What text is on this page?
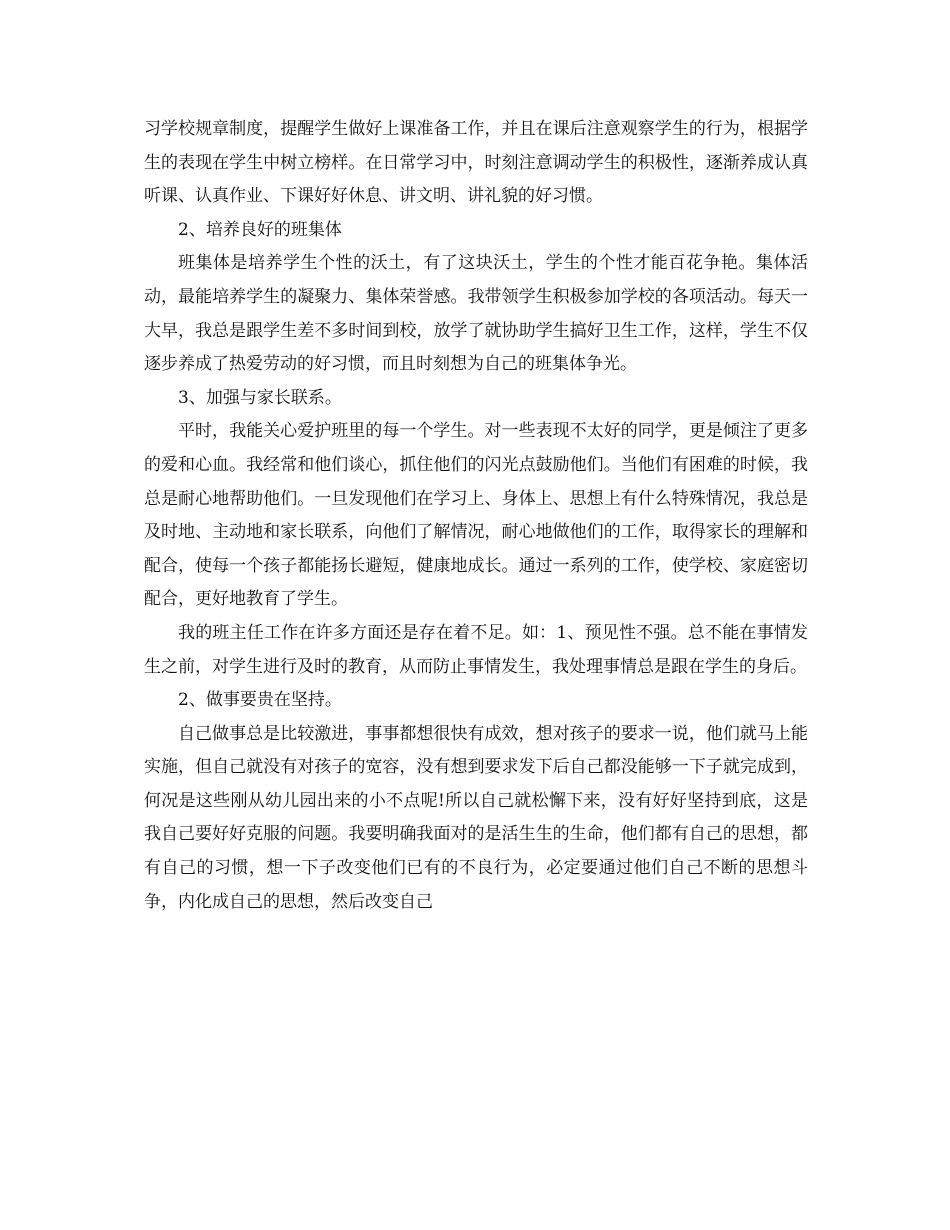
习学校规章制度，提醒学生做好上课准备工作，并且在课后注意观察学生的行为，根据学生的表现在学生中树立榜样。在日常学习中，时刻注意调动学生的积极性，逐渐养成认真听课、认真作业、下课好好休息、讲文明、讲礼貌的好习惯。

2、培养良好的班集体

班集体是培养学生个性的沃土，有了这块沃土，学生的个性才能百花争艳。集体活动，最能培养学生的凝聚力、集体荣誉感。我带领学生积极参加学校的各项活动。每天一大早，我总是跟学生差不多时间到校，放学了就协助学生搞好卫生工作，这样，学生不仅逐步养成了热爱劳动的好习惯，而且时刻想为自己的班集体争光。

3、加强与家长联系。

平时，我能关心爱护班里的每一个学生。对一些表现不太好的同学，更是倾注了更多的爱和心血。我经常和他们谈心，抓住他们的闪光点鼓励他们。当他们有困难的时候，我总是耐心地帮助他们。一旦发现他们在学习上、身体上、思想上有什么特殊情况，我总是及时地、主动地和家长联系，向他们了解情况，耐心地做他们的工作，取得家长的理解和配合，使每一个孩子都能扬长避短，健康地成长。通过一系列的工作，使学校、家庭密切配合，更好地教育了学生。

我的班主任工作在许多方面还是存在着不足。如：1、预见性不强。总不能在事情发生之前，对学生进行及时的教育，从而防止事情发生，我处理事情总是跟在学生的身后。

2、做事要贵在坚持。

自己做事总是比较激进，事事都想很快有成效，想对孩子的要求一说，他们就马上能实施，但自己就没有对孩子的宽容，没有想到要求发下后自己都没能够一下子就完成到，何况是这些刚从幼儿园出来的小不点呢!所以自己就松懈下来，没有好好坚持到底，这是我自己要好好克服的问题。我要明确我面对的是活生生的生命，他们都有自己的思想，都有自己的习惯，想一下子改变他们已有的不良行为，必定要通过他们自己不断的思想斗争，内化成自己的思想，然后改变自己
